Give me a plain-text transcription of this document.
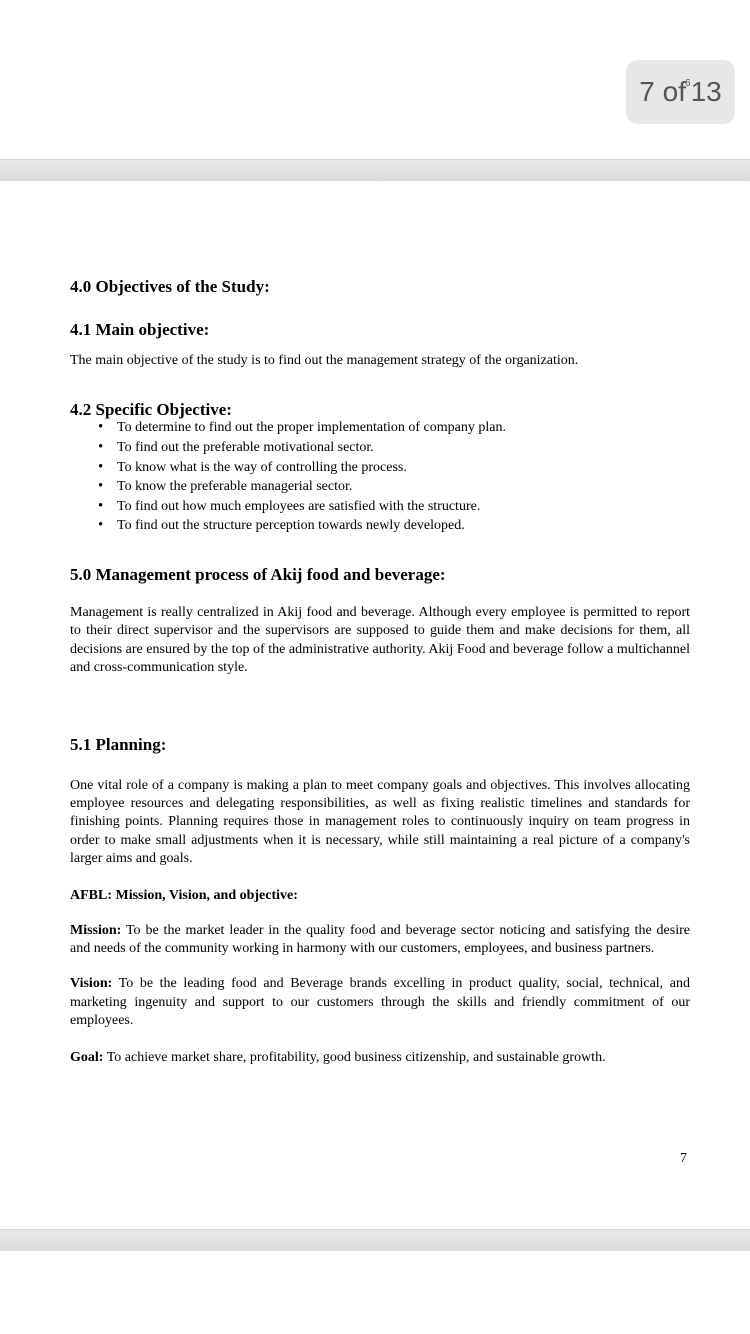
7
of 6 13
4.0 Objectives of the Study:
4.1 Main objective:

The main objective of the study is to find out the management strategy of the organization.

4.2 Specific Objective:
• To determine to find out the proper implementation of company plan.
• To find out the preferable motivational sector.
• To know what is the way of controlling the process.
• To know the preferable managerial sector.
• To find out how much employees are satisfied with the structure.
• To find out the structure perception towards newly developed.
5.0 Management process of Akij food and beverage:

Management is really centralized in Akij food and beverage. Although every employee is permitted to report to their direct supervisor and the supervisors are supposed to guide them and make decisions for them, all decisions are ensured by the top of the administrative authority. Akij Food and beverage follow a multichannel and cross-communication style.

5.1 Planning:

One vital role of a company is making a plan to meet company goals and objectives. This involves allocating employee resources and delegating responsibilities, as well as fixing realistic timelines and standards for finishing points. Planning requires those in management roles to continuously inquiry on team progress in order to make small adjustments when it is necessary, while still maintaining a real picture of a company's larger aims and goals.

AFBL: Mission, Vision, and objective:

Mission: To be the market leader in the quality food and beverage sector noticing and satisfying the desire and needs of the community working in harmony with our customers, employees, and business partners.

Vision: To be the leading food and Beverage brands excelling in product quality, social, technical, and marketing ingenuity and support to our customers through the skills and friendly commitment of our employees.

Goal: To achieve market share, profitability, good business citizenship, and sustainable growth.

7
